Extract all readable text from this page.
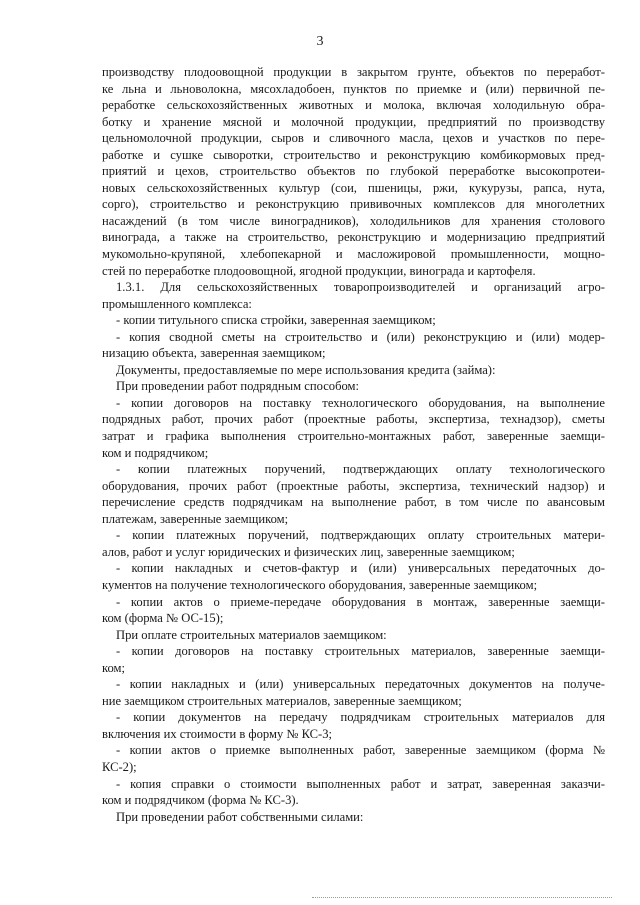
3
производству плодоовощной продукции в закрытом грунте, объектов по переработ-
ке льна и льноволокна, мясохладобоен, пунктов по приемке и (или) первичной пе-
реработке сельскохозяйственных животных и молока, включая холодильную обра-
ботку и хранение мясной и молочной продукции, предприятий по производству
цельномолочной продукции, сыров и сливочного масла, цехов и участков по пере-
работке и сушке сыворотки, строительство и реконструкцию комбикормовых пред-
приятий и цехов, строительство объектов по глубокой переработке высокопротеи-
новых сельскохозяйственных культур (сои, пшеницы, ржи, кукурузы, рапса, нута,
сорго), строительство и реконструкцию прививочных комплексов для многолетних
насаждений (в том числе виноградников), холодильников для хранения столового
винограда, а также на строительство, реконструкцию и модернизацию предприятий
мукомольно-крупяной, хлебопекарной и масложировой промышленности, мощно-
стей по переработке плодоовощной, ягодной продукции, винограда и картофеля.
1.3.1. Для сельскохозяйственных товаропроизводителей и организаций агро-
промышленного комплекса:
- копии титульного списка стройки, заверенная заемщиком;
- копия сводной сметы на строительство и (или) реконструкцию и (или) модер-
низацию объекта, заверенная заемщиком;
Документы, предоставляемые по мере использования кредита (займа):
При проведении работ подрядным способом:
- копии договоров на поставку технологического оборудования, на выполнение
подрядных работ, прочих работ (проектные работы, экспертиза, технадзор), сметы
затрат и графика выполнения строительно-монтажных работ, заверенные заемщи-
ком и подрядчиком;
- копии платежных поручений, подтверждающих оплату технологического
оборудования, прочих работ (проектные работы, экспертиза, технический надзор) и
перечисление средств подрядчикам на выполнение работ, в том числе по авансовым
платежам, заверенные заемщиком;
- копии платежных поручений, подтверждающих оплату строительных матери-
алов, работ и услуг юридических и физических лиц, заверенные заемщиком;
- копии накладных и счетов-фактур и (или) универсальных передаточных до-
кументов на получение технологического оборудования, заверенные заемщиком;
- копии актов о приеме-передаче оборудования в монтаж, заверенные заемщи-
ком (форма № ОС-15);
При оплате строительных материалов заемщиком:
- копии договоров на поставку строительных материалов, заверенные заемщи-
ком;
- копии накладных и (или) универсальных передаточных документов на получе-
ние заемщиком строительных материалов, заверенные заемщиком;
- копии документов на передачу подрядчикам строительных материалов для
включения их стоимости в форму № КС-3;
- копии актов о приемке выполненных работ, заверенные заемщиком (форма №
КС-2);
- копия справки о стоимости выполненных работ и затрат, заверенная заказчи-
ком и подрядчиком (форма № КС-3).
При проведении работ собственными силами:
